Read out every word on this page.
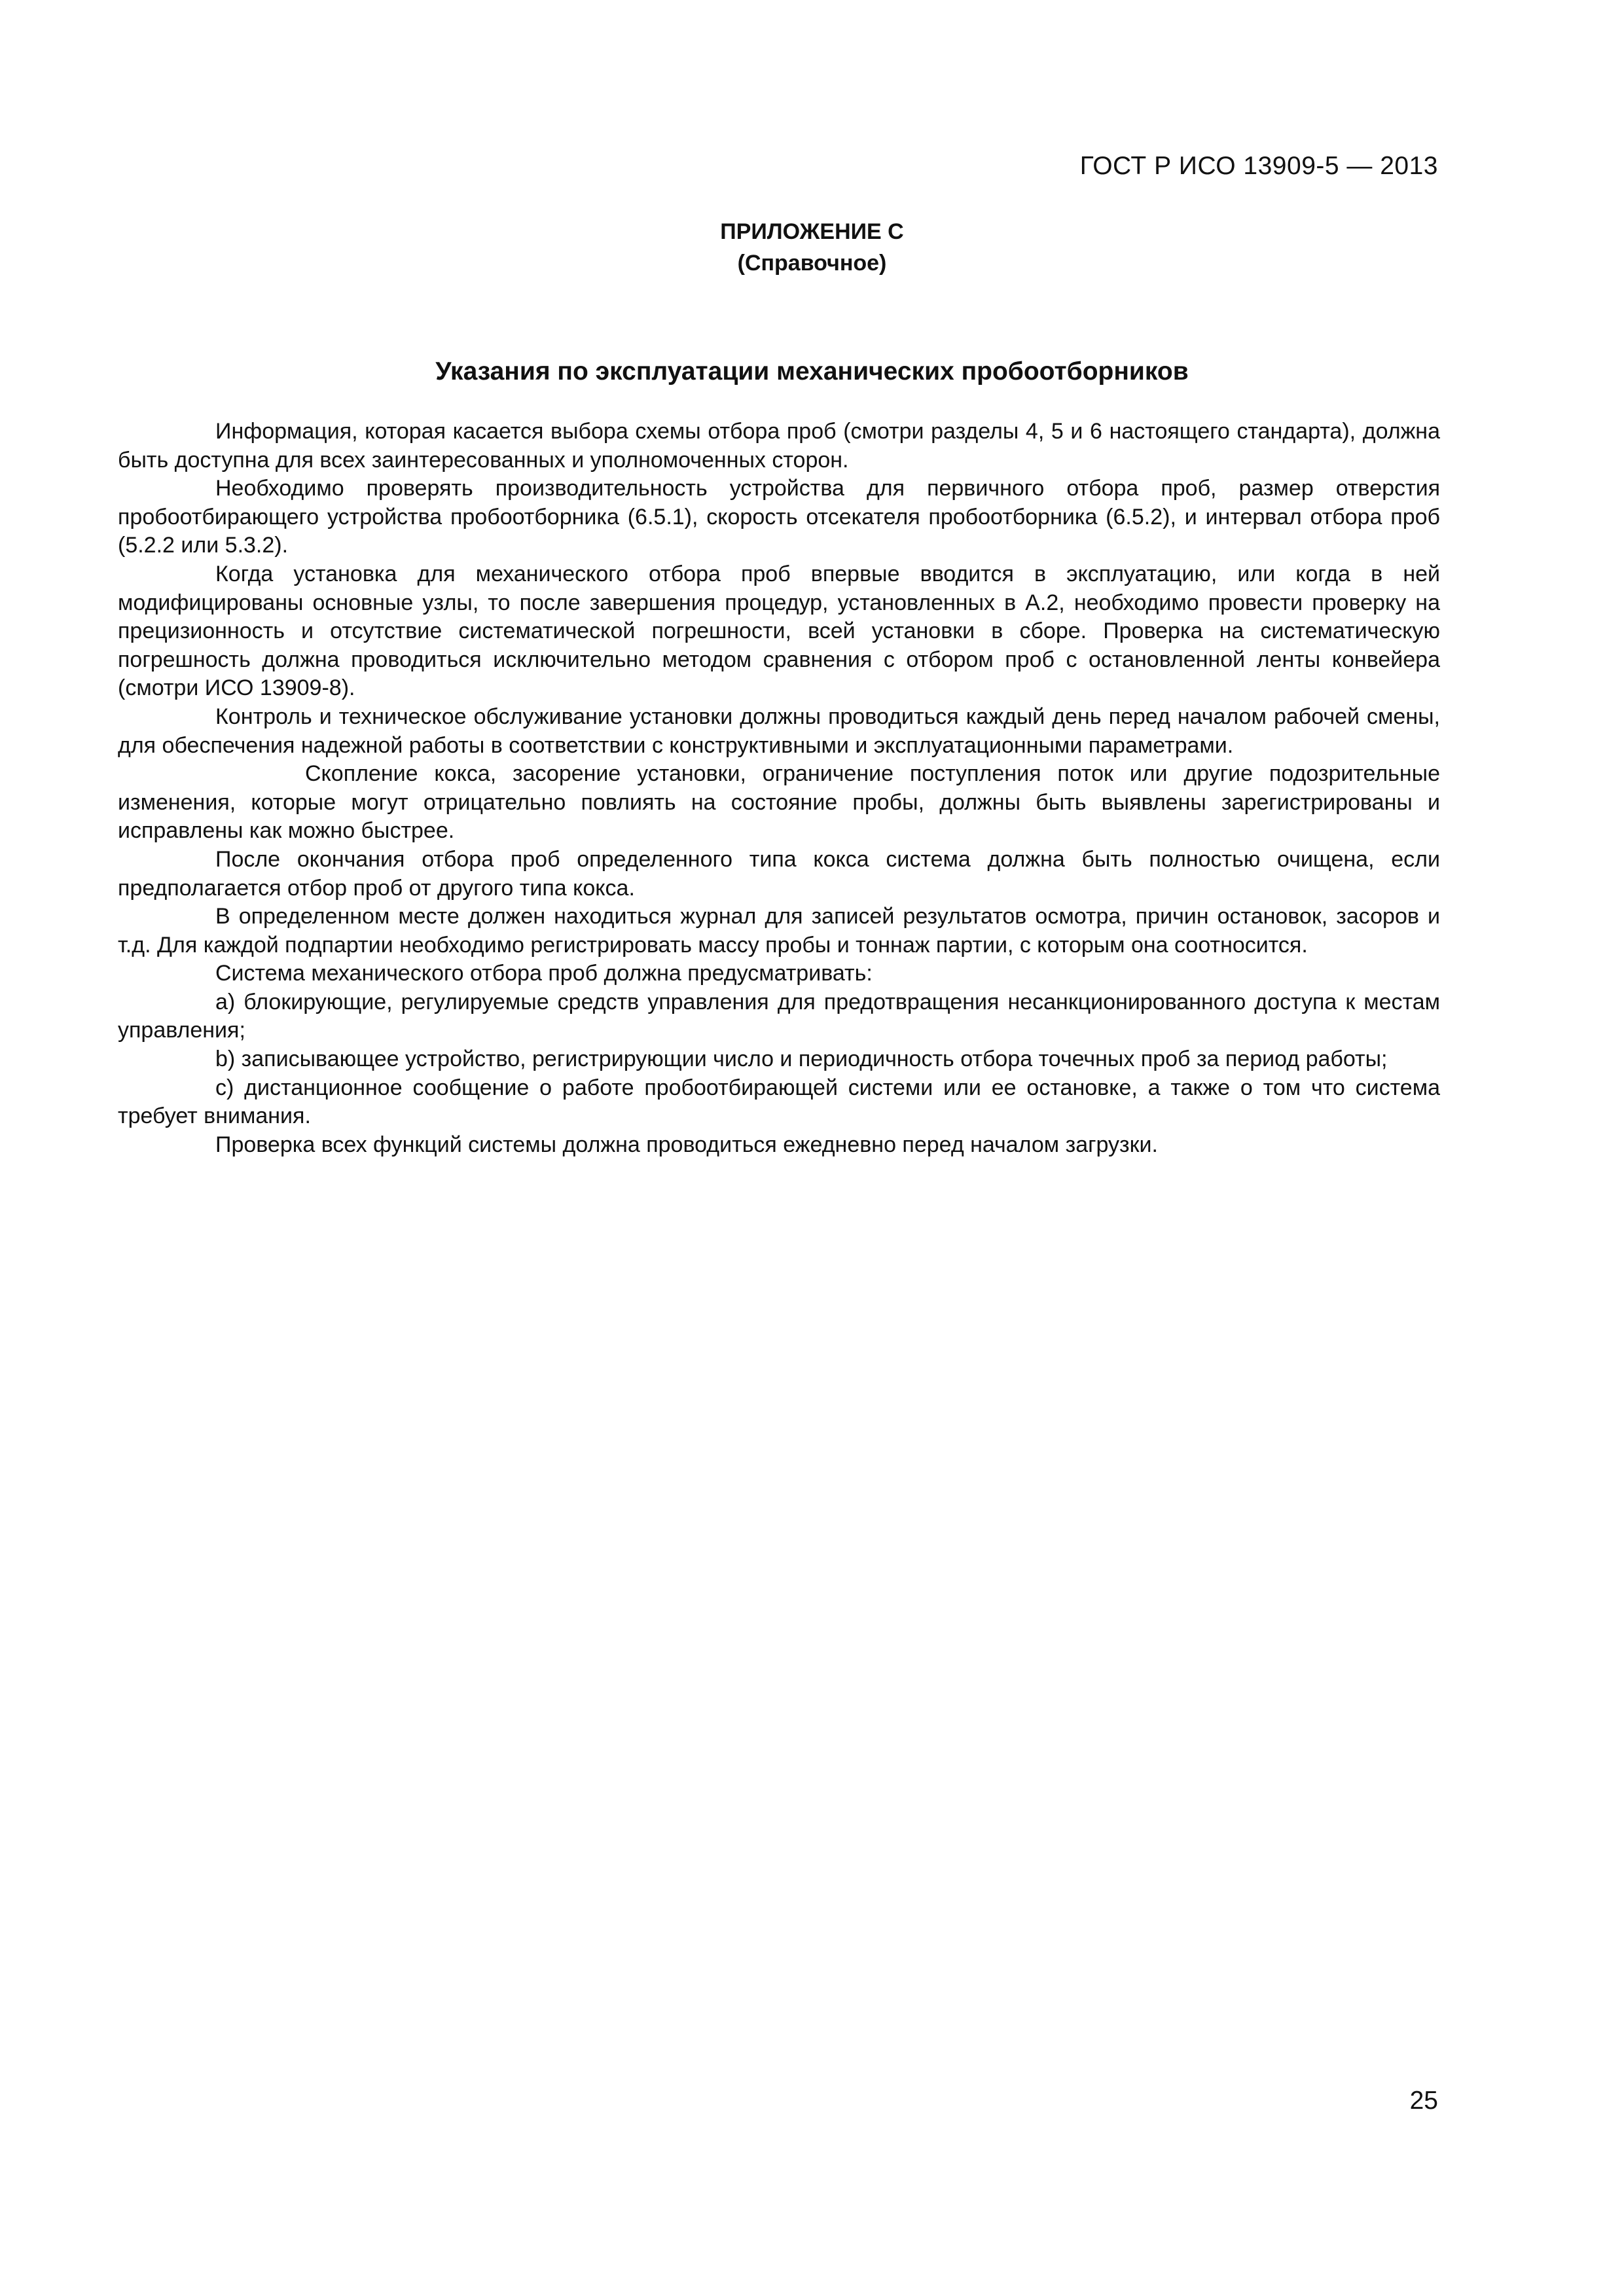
ГОСТ Р ИСО 13909-5 — 2013
ПРИЛОЖЕНИЕ С
(Справочное)
Указания по эксплуатации механических пробоотборников

Информация, которая касается выбора схемы отбора проб (смотри разделы 4, 5 и 6 настоящего стандарта), должна быть доступна для всех заинтересованных и уполномоченных сторон.

Необходимо проверять производительность устройства для первичного отбора проб, размер отверстия пробоотбирающего устройства пробоотборника (6.5.1), скорость отсекателя пробоотборника (6.5.2), и интервал отбора проб (5.2.2 или 5.3.2).

Когда установка для механического отбора проб впервые вводится в эксплуатацию, или когда в ней модифицированы основные узлы, то после завершения процедур, установленных в А.2, необходимо провести проверку на прецизионность и отсутствие систематической погрешности, всей установки в сборе. Проверка на систематическую погрешность должна проводиться исключительно методом сравнения с отбором проб с остановленной ленты конвейера (смотри ИСО 13909-8).

Контроль и техническое обслуживание установки должны проводиться каждый день перед началом рабочей смены, для обеспечения надежной работы в соответствии с конструктивными и эксплуатационными параметрами.

Скопление кокса, засорение установки, ограничение поступления поток или другие подозрительные изменения, которые могут отрицательно повлиять на состояние пробы, должны быть выявлены зарегистрированы и исправлены как можно быстрее.

После окончания отбора проб определенного типа кокса система должна быть полностью очищена, если предполагается отбор проб от другого типа кокса.

В определенном месте должен находиться журнал для записей результатов осмотра, причин остановок, засоров и т.д. Для каждой подпартии необходимо регистрировать массу пробы и тоннаж партии, с которым она соотносится.

Система механического отбора проб должна предусматривать:

а) блокирующие, регулируемые средств управления для предотвращения несанкционированного доступа к местам управления;

b) записывающее устройство, регистрирующии число и периодичность отбора точечных проб за период работы;

c) дистанционное сообщение о работе пробоотбирающей системи или ее остановке, а также о том что система требует внимания.

Проверка всех функций системы должна проводиться ежедневно перед началом загрузки.

25
